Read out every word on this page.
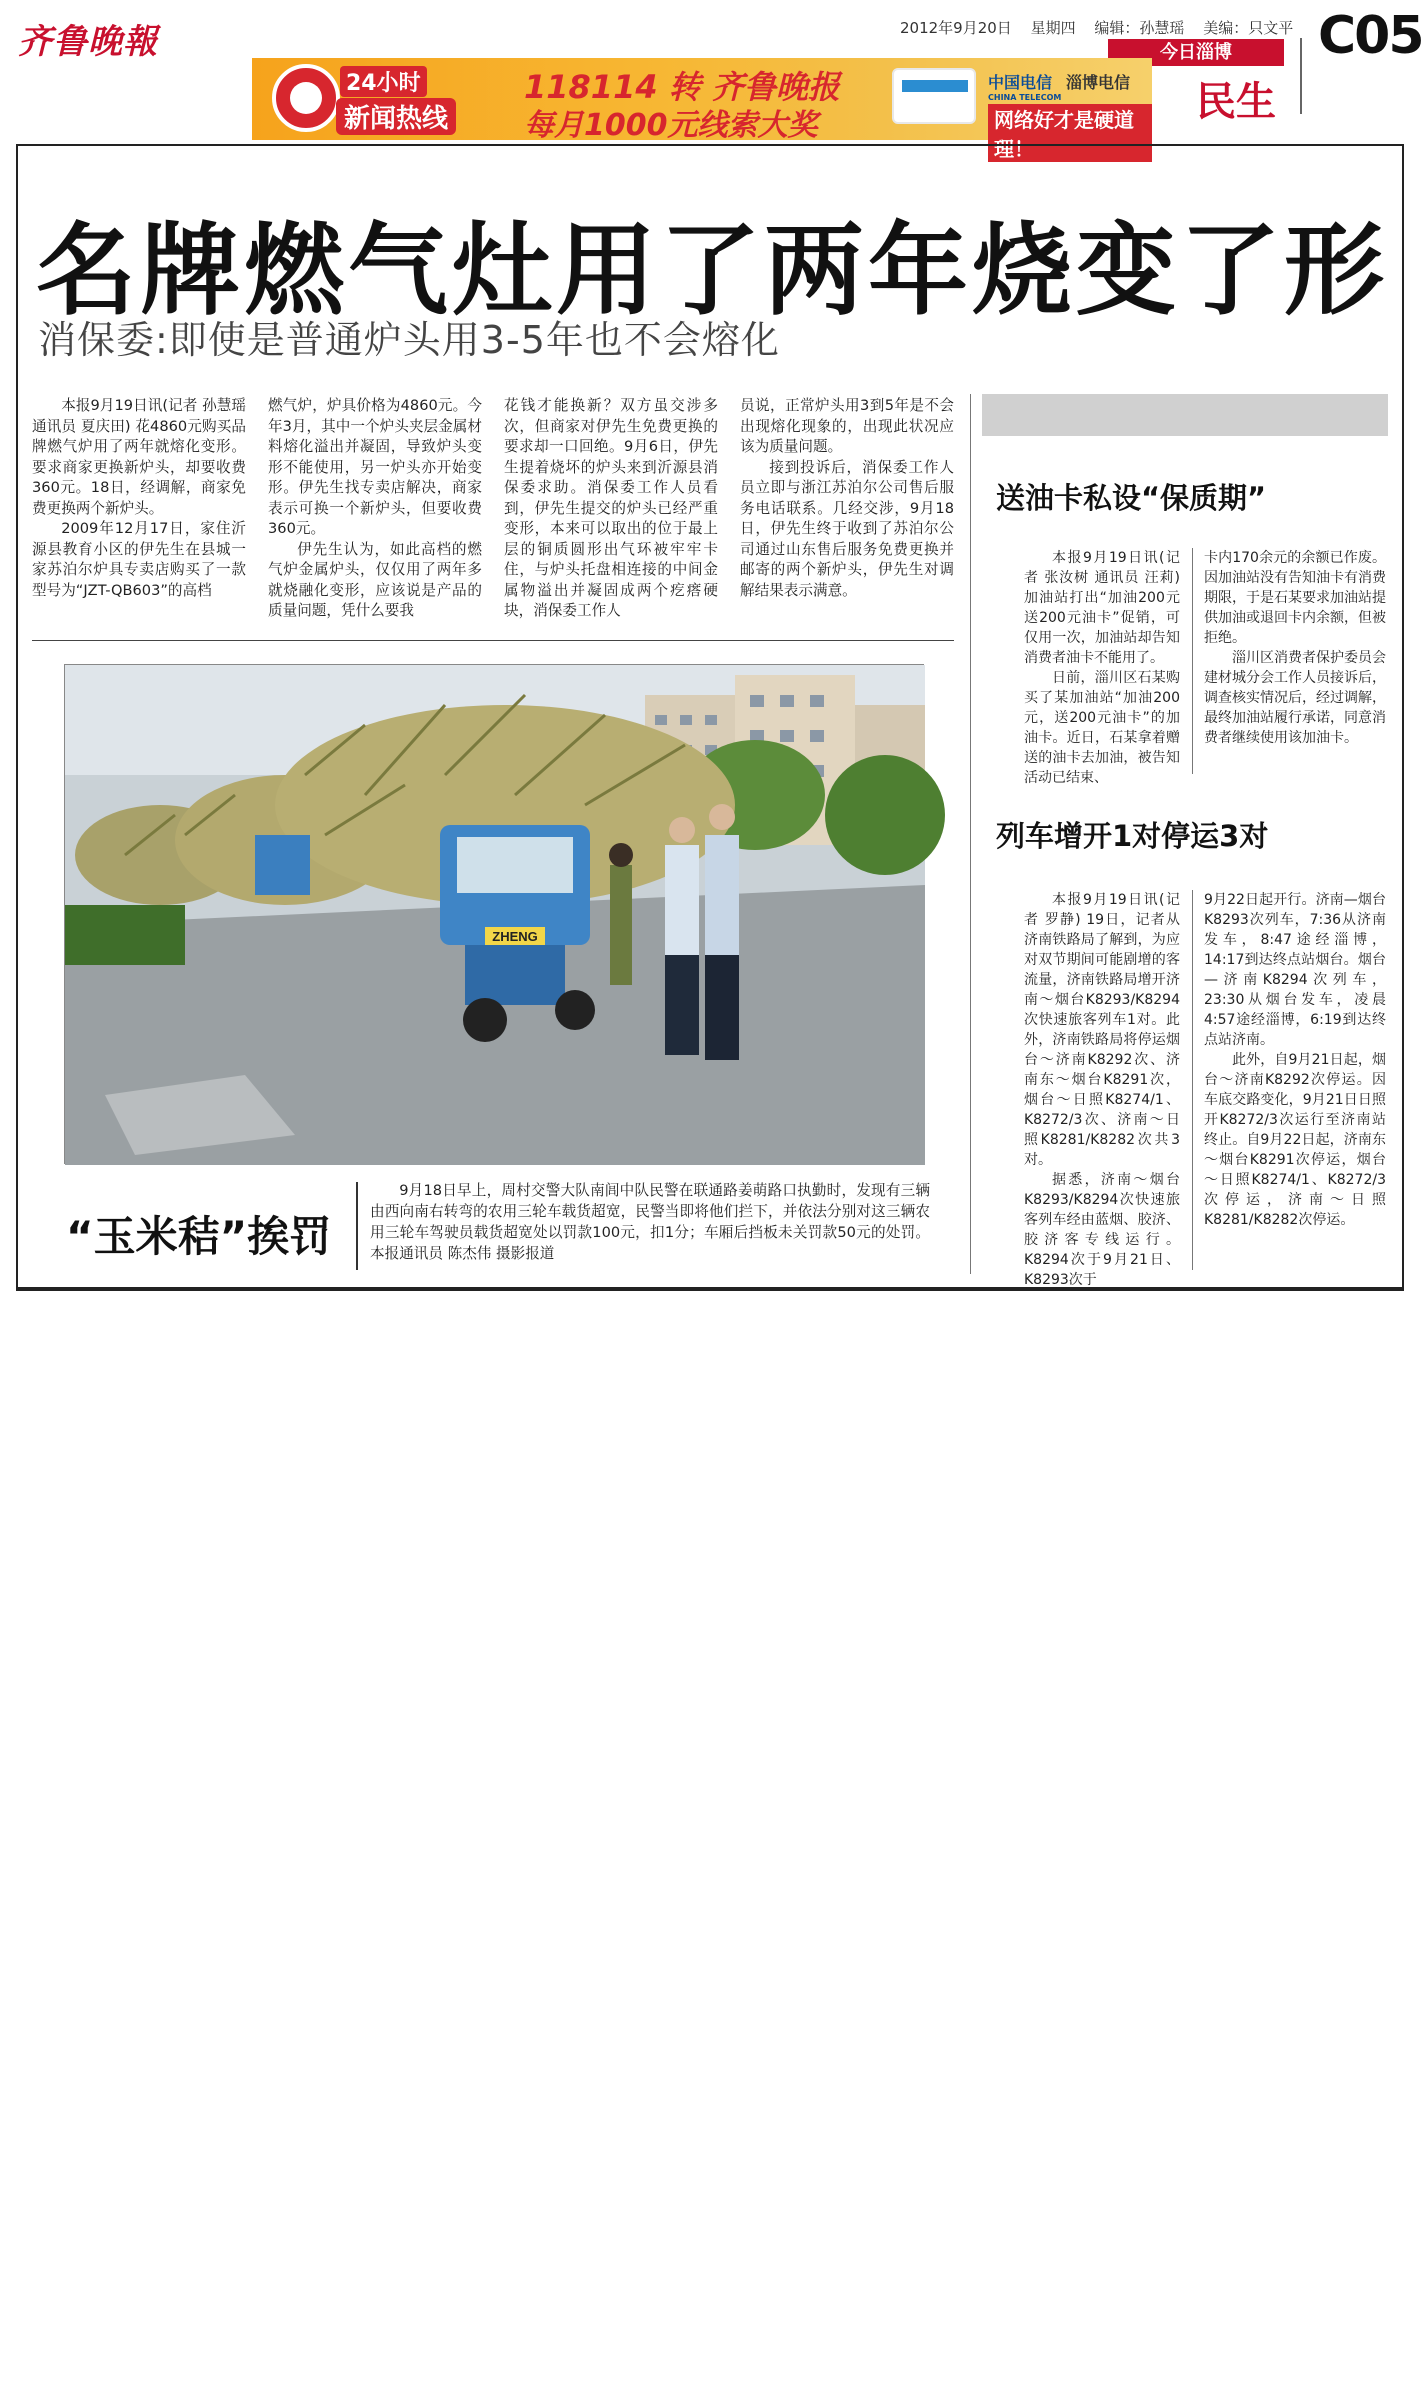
齐鲁晚報	2012年9月20日 星期四 编辑：孙慧瑶 美编：只文平
今日淄博
民生
C05
24小时
新闻热线
118114 转 齐鲁晚报
每月1000元线索大奖
中国电信
CHINA TELECOM
淄博电信
网络好才是硬道理！
名牌燃气灶用了两年烧变了形
消保委:即使是普通炉头用3-5年也不会熔化

本报9月19日讯(记者 孙慧瑶 通讯员 夏庆田) 花4860元购买品牌燃气炉用了两年就熔化变形。要求商家更换新炉头，却要收费360元。18日，经调解，商家免费更换两个新炉头。

2009年12月17日，家住沂源县教育小区的伊先生在县城一家苏泊尔炉具专卖店购买了一款型号为“JZT-QB603”的高档

燃气炉，炉具价格为4860元。今年3月，其中一个炉头夹层金属材料熔化溢出并凝固，导致炉头变形不能使用，另一炉头亦开始变形。伊先生找专卖店解决，商家表示可换一个新炉头，但要收费360元。

伊先生认为，如此高档的燃气炉金属炉头，仅仅用了两年多就烧融化变形，应该说是产品的质量问题，凭什么要我

花钱才能换新？双方虽交涉多次，但商家对伊先生免费更换的要求却一口回绝。9月6日，伊先生提着烧坏的炉头来到沂源县消保委求助。消保委工作人员看到，伊先生提交的炉头已经严重变形，本来可以取出的位于最上层的铜质圆形出气环被牢牢卡住，与炉头托盘相连接的中间金属物溢出并凝固成两个疙瘩硬块，消保委工作人

员说，正常炉头用3到5年是不会出现熔化现象的，出现此状况应该为质量问题。

接到投诉后，消保委工作人员立即与浙江苏泊尔公司售后服务电话联系。几经交涉，9月18日，伊先生终于收到了苏泊尔公司通过山东售后服务免费更换并邮寄的两个新炉头，伊先生对调解结果表示满意。

送油卡私设“保质期”

本报9月19日讯(记者 张汝树 通讯员 汪莉) 加油站打出“加油200元送200元油卡”促销，可仅用一次，加油站却告知消费者油卡不能用了。

日前，淄川区石某购买了某加油站“加油200元，送200元油卡”的加油卡。近日，石某拿着赠送的油卡去加油，被告知活动已结束、

卡内170余元的余额已作废。因加油站没有告知油卡有消费期限，于是石某要求加油站提供加油或退回卡内余额，但被拒绝。

淄川区消费者保护委员会建材城分会工作人员接诉后，调查核实情况后，经过调解，最终加油站履行承诺，同意消费者继续使用该加油卡。

列车增开1对停运3对

本报9月19日讯(记者 罗静) 19日，记者从济南铁路局了解到，为应对双节期间可能剧增的客流量，济南铁路局增开济南～烟台K8293/K8294次快速旅客列车1对。此外，济南铁路局将停运烟台～济南K8292次、济南东～烟台K8291次，烟台～日照K8274/1、K8272/3次、济南～日照K8281/K8282次共3对。

据悉，济南～烟台K8293/K8294次快速旅客列车经由蓝烟、胶济、胶济客专线运行。K8294次于9月21日、K8293次于

9月22日起开行。济南—烟台K8293次列车，7:36从济南发车，8:47途经淄博，14:17到达终点站烟台。烟台—济南K8294次列车，23:30从烟台发车，凌晨4:57途经淄博，6:19到达终点站济南。

此外，自9月21日起，烟台～济南K8292次停运。因车底交路变化，9月21日日照开K8272/3次运行至济南站终止。自9月22日起，济南东～烟台K8291次停运，烟台～日照K8274/1、K8272/3次停运，济南～日照K8281/K8282次停运。

ZHENG
“玉米秸”挨罚

9月18日早上，周村交警大队南闾中队民警在联通路姜萌路口执勤时，发现有三辆由西向南右转弯的农用三轮车载货超宽，民警当即将他们拦下，并依法分别对这三辆农用三轮车驾驶员载货超宽处以罚款100元，扣1分；车厢后挡板未关罚款50元的处罚。 本报通讯员 陈杰伟 摄影报道
